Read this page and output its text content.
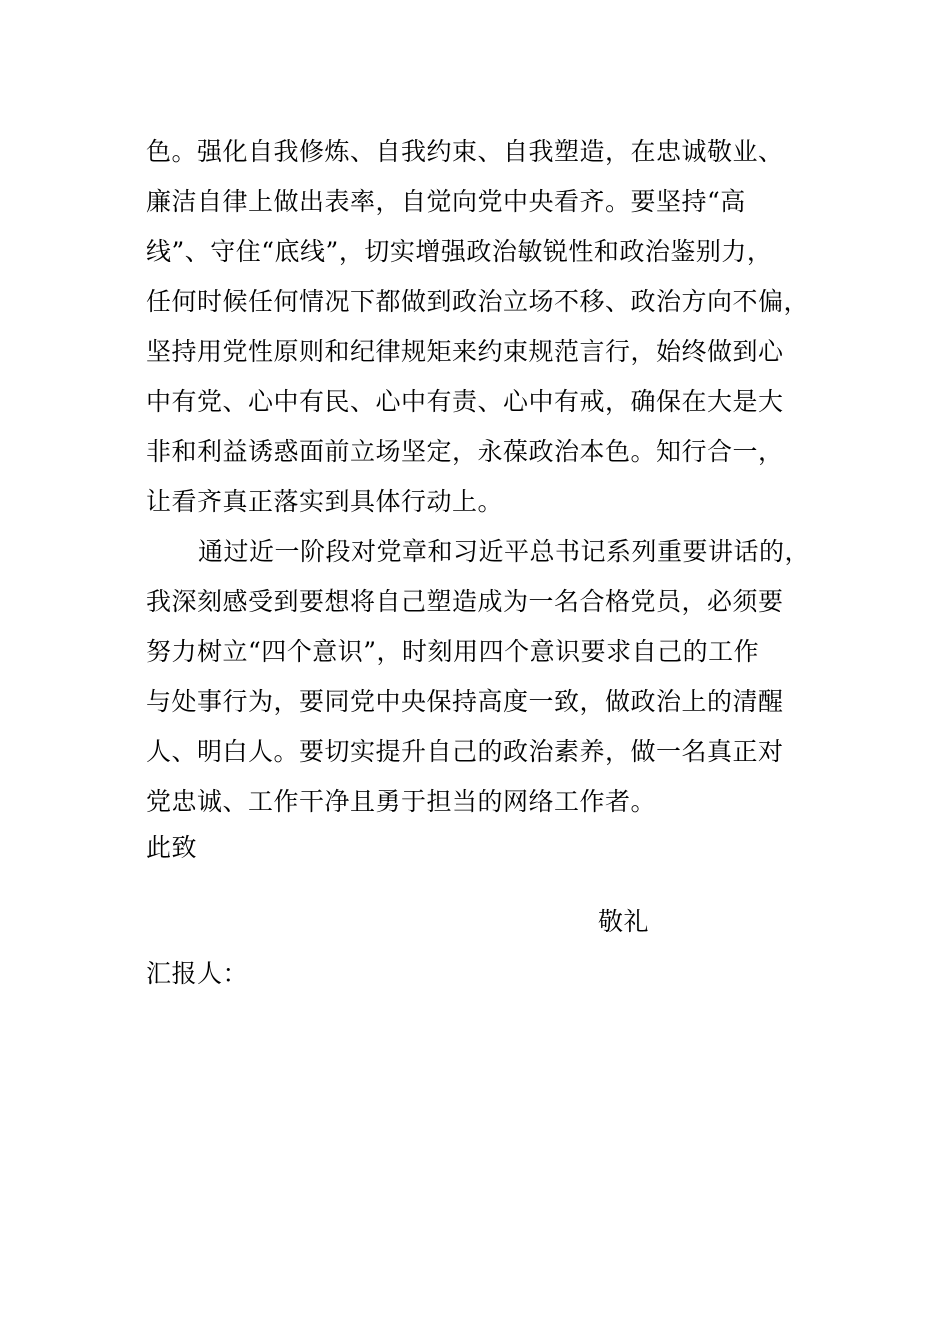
色。强化自我修炼、自我约束、自我塑造，在忠诚敬业、
廉洁自律上做出表率，自觉向党中央看齐。要坚持“高
线”、守住“底线”，切实增强政治敏锐性和政治鉴别力，
任何时候任何情况下都做到政治立场不移、政治方向不偏，
坚持用党性原则和纪律规矩来约束规范言行，始终做到心
中有党、心中有民、心中有责、心中有戒，确保在大是大
非和利益诱惑面前立场坚定，永葆政治本色。知行合一，
让看齐真正落实到具体行动上。
通过近一阶段对党章和习近平总书记系列重要讲话的，
我深刻感受到要想将自己塑造成为一名合格党员，必须要
努力树立“四个意识”，时刻用四个意识要求自己的工作
与处事行为，要同党中央保持高度一致，做政治上的清醒
人、明白人。要切实提升自己的政治素养，做一名真正对
党忠诚、工作干净且勇于担当的网络工作者。
此致
敬礼
汇报人：
